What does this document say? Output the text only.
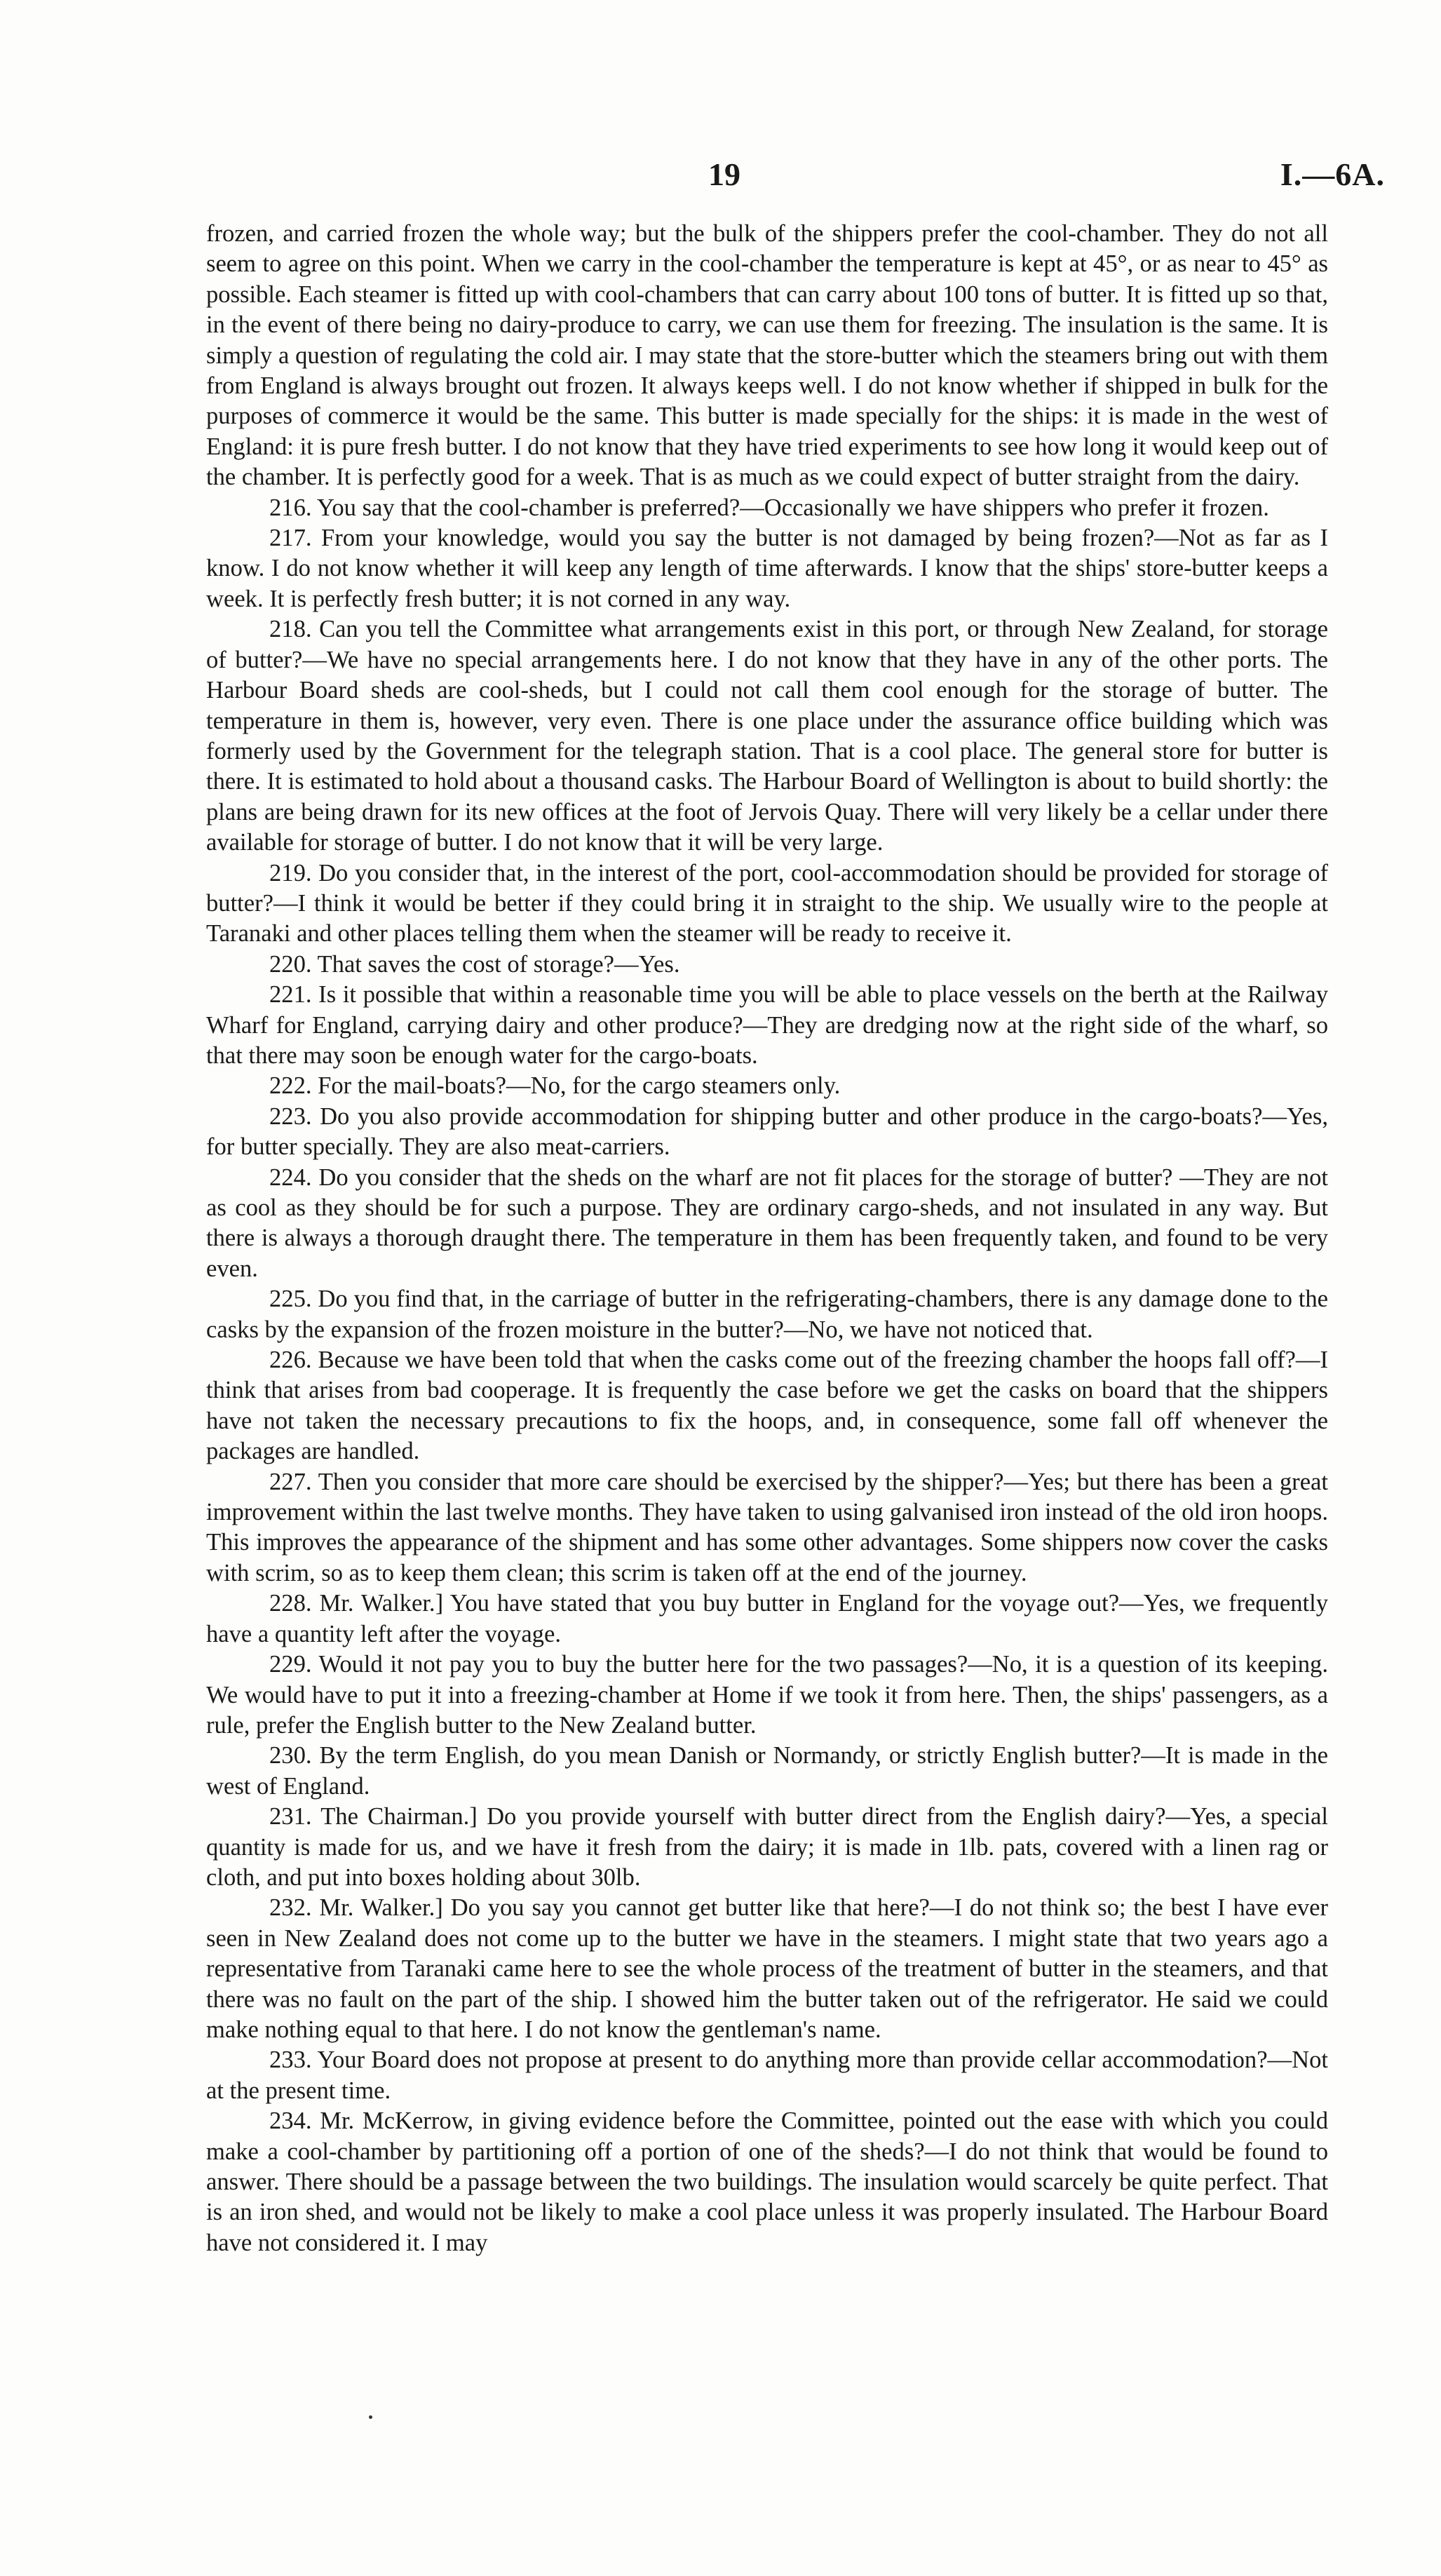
19	I.—6A.

frozen, and carried frozen the whole way; but the bulk of the shippers prefer the cool-chamber. They do not all seem to agree on this point. When we carry in the cool-chamber the temperature is kept at 45°, or as near to 45° as possible. Each steamer is fitted up with cool-chambers that can carry about 100 tons of butter. It is fitted up so that, in the event of there being no dairy-produce to carry, we can use them for freezing. The insulation is the same. It is simply a question of regulating the cold air. I may state that the store-butter which the steamers bring out with them from England is always brought out frozen. It always keeps well. I do not know whether if shipped in bulk for the purposes of commerce it would be the same. This butter is made specially for the ships: it is made in the west of England: it is pure fresh butter. I do not know that they have tried experiments to see how long it would keep out of the chamber. It is perfectly good for a week. That is as much as we could expect of butter straight from the dairy.

216. You say that the cool-chamber is preferred?—Occasionally we have shippers who prefer it frozen.

217. From your knowledge, would you say the butter is not damaged by being frozen?—Not as far as I know. I do not know whether it will keep any length of time afterwards. I know that the ships' store-butter keeps a week. It is perfectly fresh butter; it is not corned in any way.

218. Can you tell the Committee what arrangements exist in this port, or through New Zealand, for storage of butter?—We have no special arrangements here. I do not know that they have in any of the other ports. The Harbour Board sheds are cool-sheds, but I could not call them cool enough for the storage of butter. The temperature in them is, however, very even. There is one place under the assurance office building which was formerly used by the Government for the telegraph station. That is a cool place. The general store for butter is there. It is estimated to hold about a thousand casks. The Harbour Board of Wellington is about to build shortly: the plans are being drawn for its new offices at the foot of Jervois Quay. There will very likely be a cellar under there available for storage of butter. I do not know that it will be very large.

219. Do you consider that, in the interest of the port, cool-accommodation should be provided for storage of butter?—I think it would be better if they could bring it in straight to the ship. We usually wire to the people at Taranaki and other places telling them when the steamer will be ready to receive it.

220. That saves the cost of storage?—Yes.

221. Is it possible that within a reasonable time you will be able to place vessels on the berth at the Railway Wharf for England, carrying dairy and other produce?—They are dredging now at the right side of the wharf, so that there may soon be enough water for the cargo-boats.

222. For the mail-boats?—No, for the cargo steamers only.

223. Do you also provide accommodation for shipping butter and other produce in the cargo-boats?—Yes, for butter specially. They are also meat-carriers.

224. Do you consider that the sheds on the wharf are not fit places for the storage of butter? —They are not as cool as they should be for such a purpose. They are ordinary cargo-sheds, and not insulated in any way. But there is always a thorough draught there. The temperature in them has been frequently taken, and found to be very even.

225. Do you find that, in the carriage of butter in the refrigerating-chambers, there is any damage done to the casks by the expansion of the frozen moisture in the butter?—No, we have not noticed that.

226. Because we have been told that when the casks come out of the freezing chamber the hoops fall off?—I think that arises from bad cooperage. It is frequently the case before we get the casks on board that the shippers have not taken the necessary precautions to fix the hoops, and, in consequence, some fall off whenever the packages are handled.

227. Then you consider that more care should be exercised by the shipper?—Yes; but there has been a great improvement within the last twelve months. They have taken to using galvanised iron instead of the old iron hoops. This improves the appearance of the shipment and has some other advantages. Some shippers now cover the casks with scrim, so as to keep them clean; this scrim is taken off at the end of the journey.

228. Mr. Walker.] You have stated that you buy butter in England for the voyage out?—Yes, we frequently have a quantity left after the voyage.

229. Would it not pay you to buy the butter here for the two passages?—No, it is a question of its keeping. We would have to put it into a freezing-chamber at Home if we took it from here. Then, the ships' passengers, as a rule, prefer the English butter to the New Zealand butter.

230. By the term English, do you mean Danish or Normandy, or strictly English butter?—It is made in the west of England.

231. The Chairman.] Do you provide yourself with butter direct from the English dairy?—Yes, a special quantity is made for us, and we have it fresh from the dairy; it is made in 1lb. pats, covered with a linen rag or cloth, and put into boxes holding about 30lb.

232. Mr. Walker.] Do you say you cannot get butter like that here?—I do not think so; the best I have ever seen in New Zealand does not come up to the butter we have in the steamers. I might state that two years ago a representative from Taranaki came here to see the whole process of the treatment of butter in the steamers, and that there was no fault on the part of the ship. I showed him the butter taken out of the refrigerator. He said we could make nothing equal to that here. I do not know the gentleman's name.

233. Your Board does not propose at present to do anything more than provide cellar accommodation?—Not at the present time.

234. Mr. McKerrow, in giving evidence before the Committee, pointed out the ease with which you could make a cool-chamber by partitioning off a portion of one of the sheds?—I do not think that would be found to answer. There should be a passage between the two buildings. The insulation would scarcely be quite perfect. That is an iron shed, and would not be likely to make a cool place unless it was properly insulated. The Harbour Board have not considered it. I may
